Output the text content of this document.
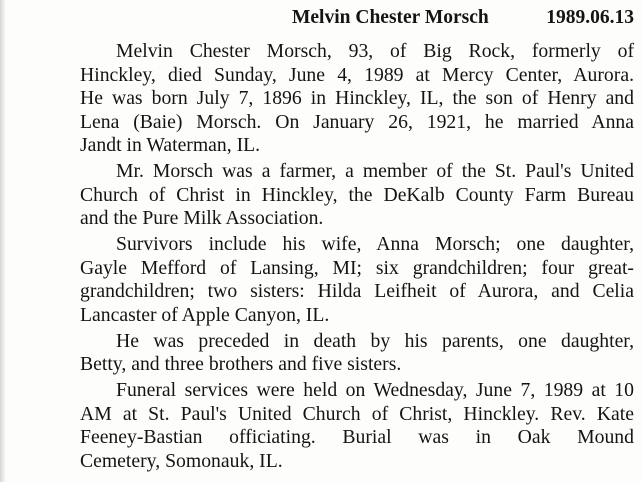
Melvin Chester Morsch	1989.06.13
Melvin Chester Morsch, 93, of Big Rock, formerly of
Hinckley, died Sunday, June 4, 1989 at Mercy Center, Aurora.
He was born July 7, 1896 in Hinckley, IL, the son of Henry and
Lena (Baie) Morsch. On January 26, 1921, he married Anna
Jandt in Waterman, IL.
Mr. Morsch was a farmer, a member of the St. Paul's United
Church of Christ in Hinckley, the DeKalb County Farm Bureau
and the Pure Milk Association.
Survivors include his wife, Anna Morsch; one daughter,
Gayle Mefford of Lansing, MI; six grandchildren; four great-
grandchildren; two sisters: Hilda Leifheit of Aurora, and Celia
Lancaster of Apple Canyon, IL.
He was preceded in death by his parents, one daughter,
Betty, and three brothers and five sisters.
Funeral services were held on Wednesday, June 7, 1989 at 10
AM at St. Paul's United Church of Christ, Hinckley. Rev. Kate
Feeney-Bastian officiating. Burial was in Oak Mound
Cemetery, Somonauk, IL.
